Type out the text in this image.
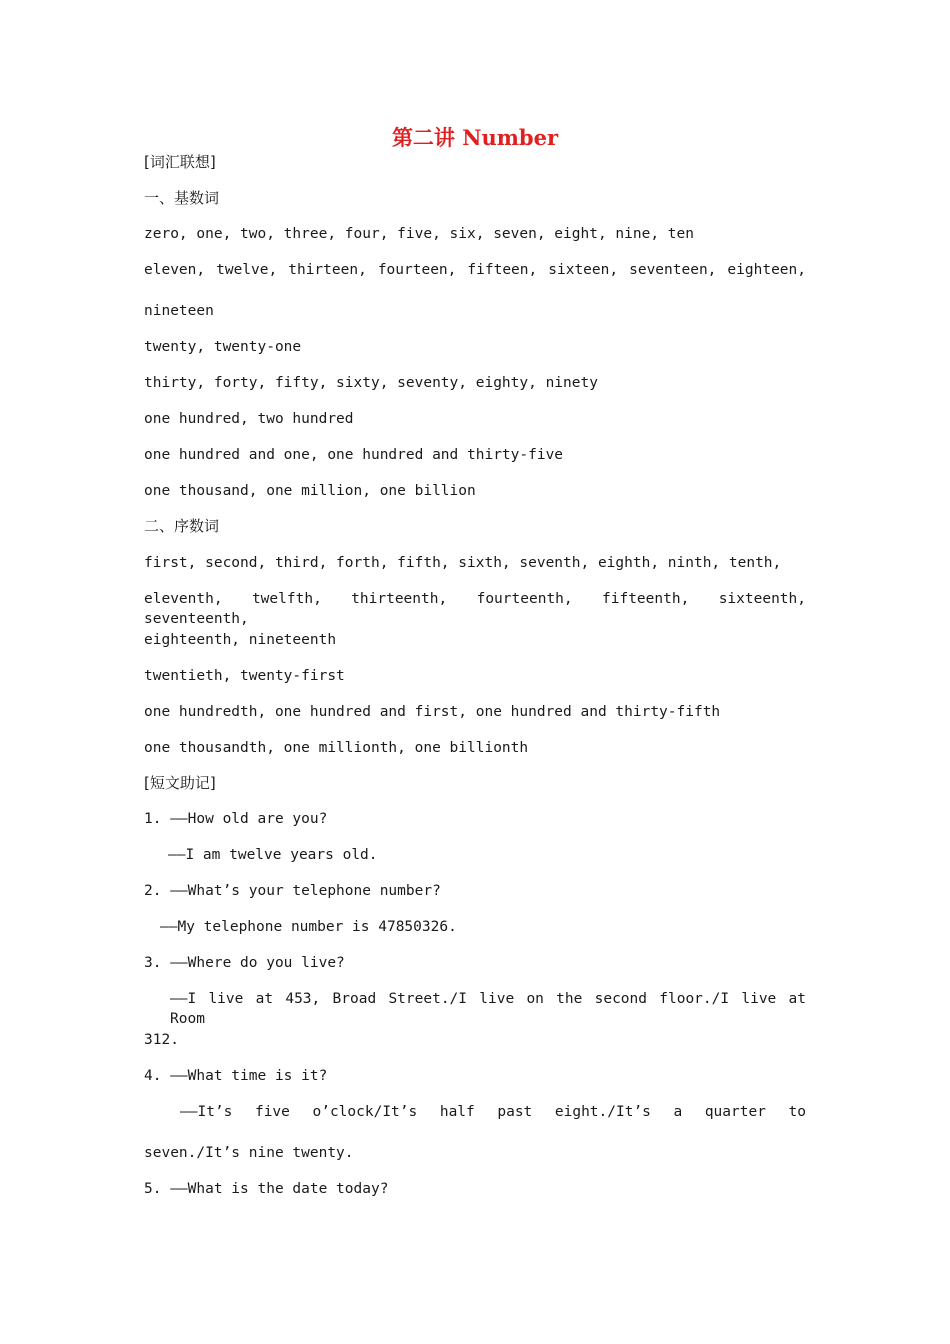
第二讲 Number
[词汇联想]
一、基数词
zero, one, two, three, four, five, six, seven, eight, nine, ten
eleven, twelve, thirteen, fourteen, fifteen, sixteen, seventeen, eighteen,
nineteen
twenty, twenty-one
thirty, forty, fifty, sixty, seventy, eighty, ninety
one hundred, two hundred
one hundred and one, one hundred and thirty-five
one thousand, one million, one billion
二、序数词
first, second, third, forth, fifth, sixth, seventh, eighth, ninth, tenth,
eleventh, twelfth, thirteenth, fourteenth, fifteenth, sixteenth, seventeenth,
eighteenth, nineteenth
twentieth, twenty-first
one hundredth, one hundred and first, one hundred and thirty-fifth
one thousandth, one millionth, one billionth
[短文助记]
1. ——How old are you?
——I am twelve years old.
2. ——What’s your telephone number?
——My telephone number is 47850326.
3. ——Where do you live?
——I live at 453, Broad Street./I live on the second floor./I live at Room
312.
4. ——What time is it?
——It’s five o’clock/It’s half past eight./It’s a quarter to
seven./It’s nine twenty.
5. ——What is the date today?
